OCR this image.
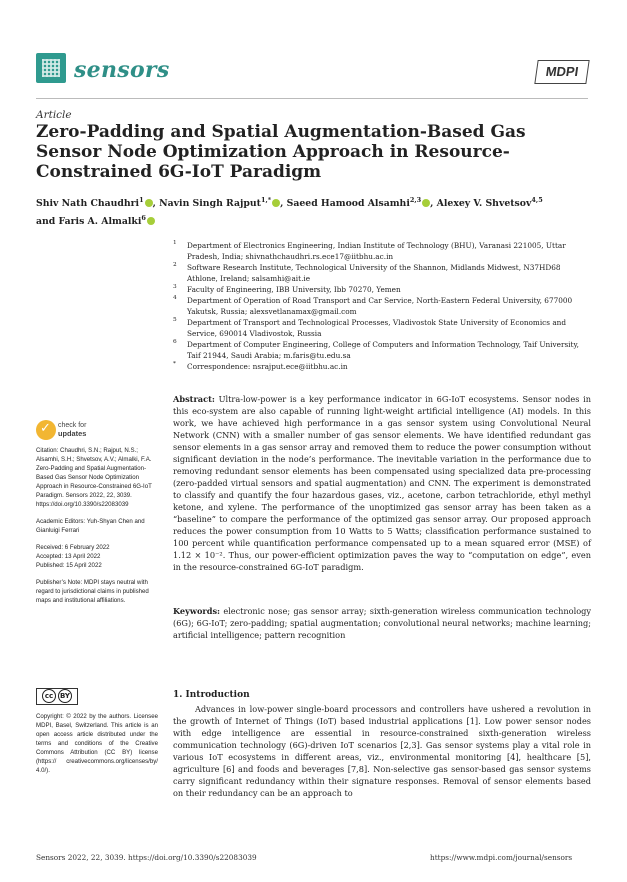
sensors	MDPI
Article
Zero-Padding and Spatial Augmentation-Based Gas Sensor Node Optimization Approach in Resource-Constrained 6G-IoT Paradigm
Shiv Nath Chaudhri$^1$ , Navin Singh Rajput$^{1,*}$ , Saeed Hamood Alsamhi$^{2,3}$ , Alexey V. Shvetsov$^{4,5}$
and Faris A. Almalki$^6$
1 Department of Electronics Engineering, Indian Institute of Technology (BHU), Varanasi 221005, Uttar Pradesh, India; shivnathchaudhri.rs.ece17@iitbhu.ac.in
2 Software Research Institute, Technological University of the Shannon, Midlands Midwest, N37HD68 Athlone, Ireland; salsamhi@ait.ie
3 Faculty of Engineering, IBB University, Ibb 70270, Yemen
4 Department of Operation of Road Transport and Car Service, North-Eastern Federal University, 677000 Yakutsk, Russia; alexsvetlanamax@gmail.com
5 Department of Transport and Technological Processes, Vladivostok State University of Economics and Service, 690014 Vladivostok, Russia
6 Department of Computer Engineering, College of Computers and Information Technology, Taif University, Taif 21944, Saudi Arabia; m.faris@tu.edu.sa
* Correspondence: nsrajput.ece@iitbhu.ac.in
✓
check for
updates
Citation: Chaudhri, S.N.; Rajput, N.S.; Alsamhi, S.H.; Shvetsov, A.V.; Almalki, F.A. Zero-Padding and Spatial Augmentation-Based Gas Sensor Node Optimization Approach in Resource-Constrained 6G-IoT Paradigm. Sensors 2022, 22, 3039. https://doi.org/10.3390/s22083039
Academic Editors: Yuh-Shyan Chen and Gianluigi Ferrari
Received: 6 February 2022
Accepted: 13 April 2022
Published: 15 April 2022
Publisher’s Note: MDPI stays neutral with regard to jurisdictional claims in published maps and institutional affiliations.
cc BY
Copyright: © 2022 by the authors. Licensee MDPI, Basel, Switzerland. This article is an open access article distributed under the terms and conditions of the Creative Commons Attribution (CC BY) license (https:// creativecommons.org/licenses/by/ 4.0/).
Abstract: Ultra-low-power is a key performance indicator in 6G-IoT ecosystems. Sensor nodes in this eco-system are also capable of running light-weight artificial intelligence (AI) models. In this work, we have achieved high performance in a gas sensor system using Convolutional Neural Network (CNN) with a smaller number of gas sensor elements. We have identified redundant gas sensor elements in a gas sensor array and removed them to reduce the power consumption without significant deviation in the node’s performance. The inevitable variation in the performance due to removing redundant sensor elements has been compensated using specialized data pre-processing (zero-padded virtual sensors and spatial augmentation) and CNN. The experiment is demonstrated to classify and quantify the four hazardous gases, viz., acetone, carbon tetrachloride, ethyl methyl ketone, and xylene. The performance of the unoptimized gas sensor array has been taken as a “baseline” to compare the performance of the optimized gas sensor array. Our proposed approach reduces the power consumption from 10 Watts to 5 Watts; classification performance sustained to 100 percent while quantification performance compensated up to a mean squared error (MSE) of 1.12 × 10⁻². Thus, our power-efficient optimization paves the way to “computation on edge”, even in the resource-constrained 6G-IoT paradigm.
Keywords: electronic nose; gas sensor array; sixth-generation wireless communication technology (6G); 6G-IoT; zero-padding; spatial augmentation; convolutional neural networks; machine learning; artificial intelligence; pattern recognition
1. Introduction
Advances in low-power single-board processors and controllers have ushered a revolution in the growth of Internet of Things (IoT) based industrial applications [1]. Low power sensor nodes with edge intelligence are essential in resource-constrained sixth-generation wireless communication technology (6G)-driven IoT scenarios [2,3]. Gas sensor systems play a vital role in various IoT ecosystems in different areas, viz., environmental monitoring [4], healthcare [5], agriculture [6] and foods and beverages [7,8]. Non-selective gas sensor-based gas sensor systems carry significant redundancy within their signature responses. Removal of sensor elements based on their redundancy can be an approach to
Sensors 2022, 22, 3039. https://doi.org/10.3390/s22083039	https://www.mdpi.com/journal/sensors
